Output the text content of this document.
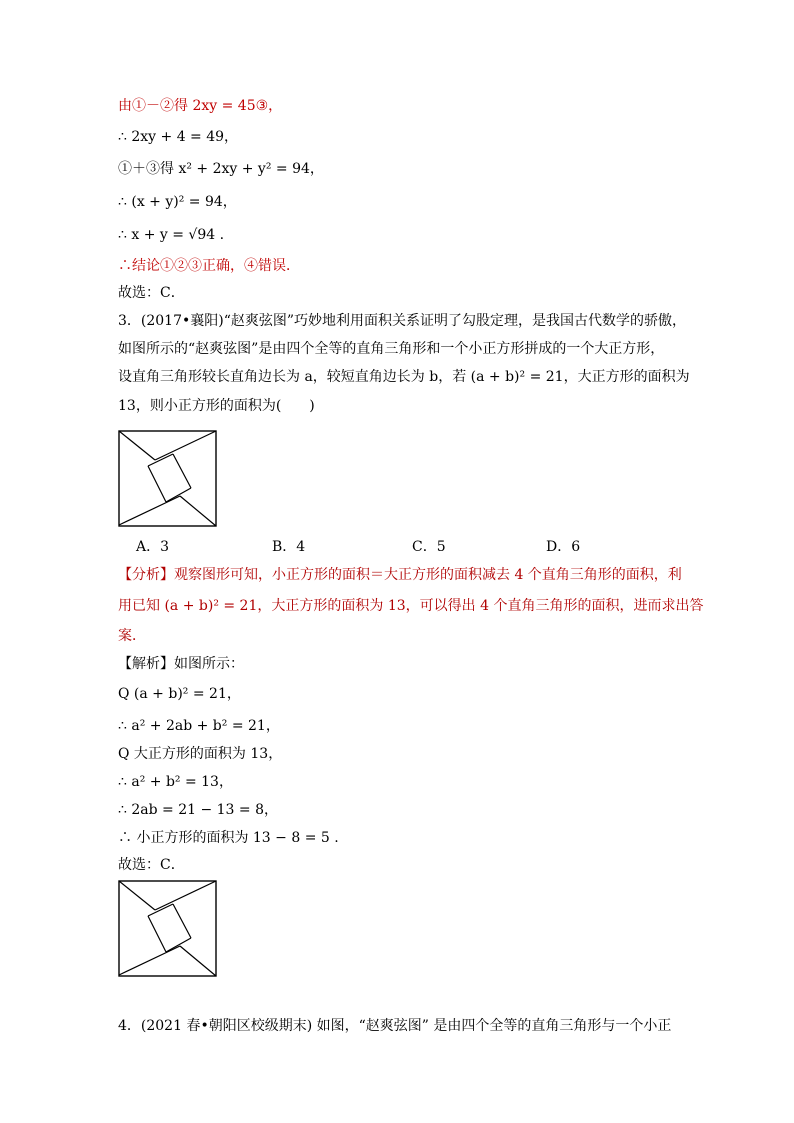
由①－②得 2xy = 45③，
∴ 2xy + 4 = 49，
①＋③得 x² + 2xy + y² = 94，
∴ (x + y)² = 94，
∴ x + y = √94 .
∴结论①②③正确，④错误．
故选：C．
3．(2017•襄阳)“赵爽弦图”巧妙地利用面积关系证明了勾股定理，是我国古代数学的骄傲，
如图所示的“赵爽弦图”是由四个全等的直角三角形和一个小正方形拼成的一个大正方形，
设直角三角形较长直角边长为 a，较短直角边长为 b，若 (a + b)² = 21，大正方形的面积为
13，则小正方形的面积为(　　)
A．3	B．4	C．5	D．6
【分析】观察图形可知，小正方形的面积＝大正方形的面积减去 4 个直角三角形的面积，利
用已知 (a + b)² = 21，大正方形的面积为 13，可以得出 4 个直角三角形的面积，进而求出答
案．
【解析】如图所示：
Q (a + b)² = 21，
∴ a² + 2ab + b² = 21，
Q 大正方形的面积为 13，
∴ a² + b² = 13，
∴ 2ab = 21 − 13 = 8，
∴ 小正方形的面积为 13 − 8 = 5 .
故选：C．
4．(2021 春•朝阳区校级期末) 如图，“赵爽弦图” 是由四个全等的直角三角形与一个小正
